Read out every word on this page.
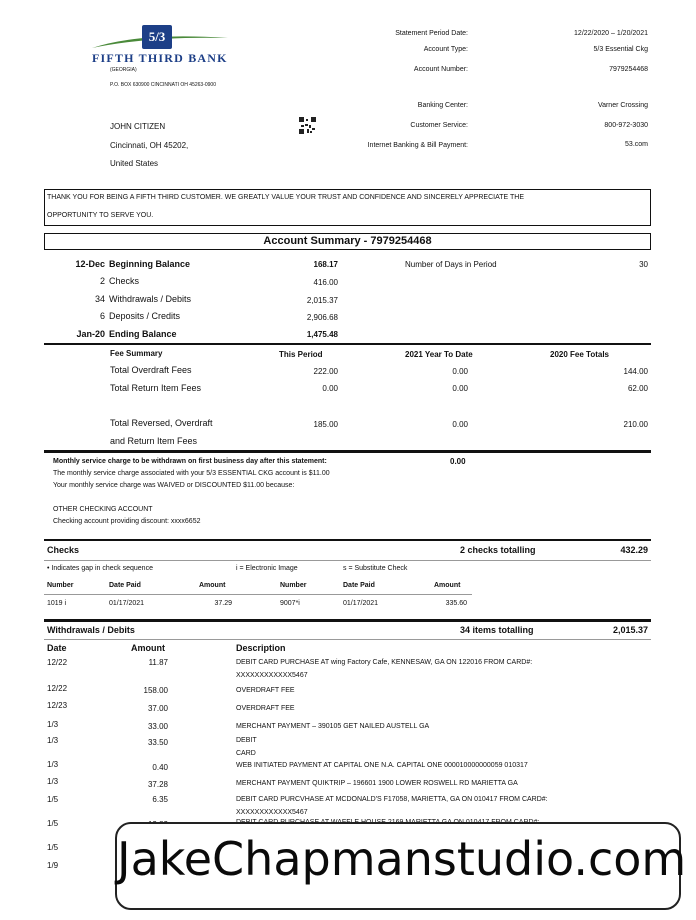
5/3
FIFTH THIRD BANK
(GEORGIA)
P.O. BOX 630900 CINCINNATI OH 45263-0900
JOHN CITIZEN
Cincinnati, OH 45202,
United States
Statement Period Date:	12/22/2020 – 1/20/2021
Account Type:	5/3 Essential Ckg
Account Number:	7979254468
Banking Center:	Varner Crossing
Customer Service:	800-972-3030
Internet Banking & Bill Payment:	53.com
THANK YOU FOR BEING A FIFTH THIRD CUSTOMER. WE GREATLY VALUE YOUR TRUST AND CONFIDENCE AND SINCERELY APPRECIATE THE
OPPORTUNITY TO SERVE YOU.
Account Summary - 7979254468
12-Dec Beginning Balance	168.17
2 Checks	416.00
34 Withdrawals / Debits	2,015.37
6 Deposits / Credits	2,906.68
Jan-20 Ending Balance	1,475.48
Number of Days in Period	30
Fee Summary	This Period	2021 Year To Date	2020 Fee Totals
Total Overdraft Fees	222.00	0.00	144.00
Total Return Item Fees	0.00	0.00	62.00
Total Reversed, Overdraft
and Return Item Fees
185.00	0.00	210.00
Monthly service charge to be withdrawn on first business day after this statement:	0.00
The monthly service charge associated with your 5/3 ESSENTIAL CKG account is $11.00
Your monthly service charge was WAIVED or DISCOUNTED $11.00 because:
OTHER CHECKING ACCOUNT
Checking account providing discount: xxxx6652
Checks	2 checks totalling	432.29
• Indicates gap in check sequence	i = Electronic Image	s = Substitute Check
Number	Date Paid	Amount	Number	Date Paid	Amount
1019 i	01/17/2021	37.29	9007*i	01/17/2021	335.60
Withdrawals / Debits	34 items totalling	2,015.37
Date	Amount	Description
12/22	11.87	DEBIT CARD PURCHASE AT wing Factory Cafe, KENNESAW, GA ON 122016 FROM CARD#:
XXXXXXXXXXXX5467
12/22	158.00	OVERDRAFT FEE
12/23	37.00	OVERDRAFT FEE
1/3	33.00	MERCHANT PAYMENT – 390105 GET NAILED AUSTELL GA
1/3	33.50	DEBIT
CARD
1/3	0.40	WEB INITIATED PAYMENT AT CAPITAL ONE N.A. CAPITAL ONE 000010000000059 010317
1/3	37.28	MERCHANT PAYMENT QUIKTRIP – 196601 1900 LOWER ROSWELL RD MARIETTA GA
1/5	6.35	DEBIT CARD PURCVHASE AT MCDONALD'S F17058, MARIETTA, GA ON 010417 FROM CARD#:
XXXXXXXXXXXX5467
1/5
1/5
1/9 JakeChapmanstudio.com
